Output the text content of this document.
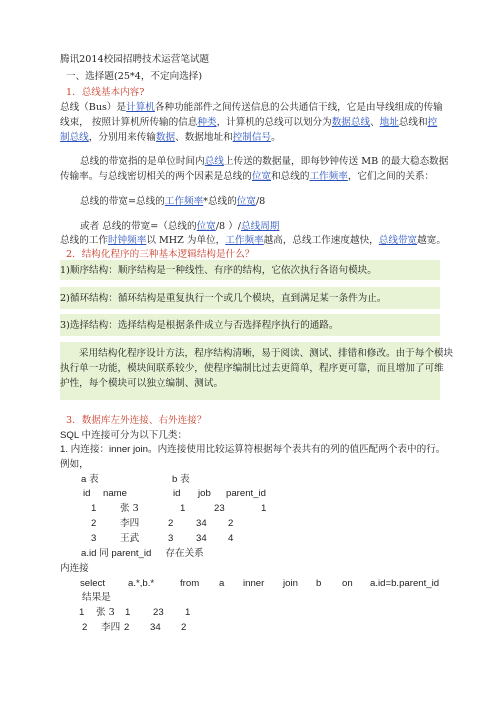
腾讯2014校园招聘技术运营笔试题
一、选择题(25*4，不定向选择)
1．总线基本内容?
总线（Bus）是计算机各种功能部件之间传送信息的公共通信干线，它是由导线组成的传输
线束， 按照计算机所传输的信息种类，计算机的总线可以划分为数据总线、地址总线和控
制总线，分别用来传输数据、数据地址和控制信号。
总线的带宽指的是单位时间内总线上传送的数据量，即每钞钟传送 MB 的最大稳态数据
传输率。与总线密切相关的两个因素是总线的位宽和总线的工作频率，它们之间的关系：
总线的带宽=总线的工作频率*总线的位宽/8
或者 总线的带宽=（总线的位宽/8 ）/总线周期
总线的工作时钟频率以 MHZ 为单位，工作频率越高，总线工作速度越快，总线带宽越宽。
2．结构化程序的三种基本逻辑结构是什么？
1)顺序结构：顺序结构是一种线性、有序的结构，它依次执行各语句模块。
2)循环结构：循环结构是重复执行一个或几个模块，直到满足某一条件为止。
3)选择结构：选择结构是根据条件成立与否选择程序执行的通路。
采用结构化程序设计方法，程序结构清晰，易于阅读、测试、排错和修改。由于每个模块
执行单一功能，模块间联系较少，使程序编制比过去更简单，程序更可靠，而且增加了可维
护性，每个模块可以独立编制、测试。
3．数据库左外连接、右外连接？
SQL 中连接可分为以下几类：
1. 内连接：inner join。内连接使用比较运算符根据每个表共有的列的值匹配两个表中的行。
例如，
a 表	b 表
id name	id job parent_id
1 张 3	1	23	1
2 李四	2 34 2
3 王武	3 34 4
a.id 同 parent_id 存在关系
内连接
select a.*,b.*	from a inner join b on a.id=b.parent_id
结果是
1 张 3 1 23 1
2 李四 2 34 2
